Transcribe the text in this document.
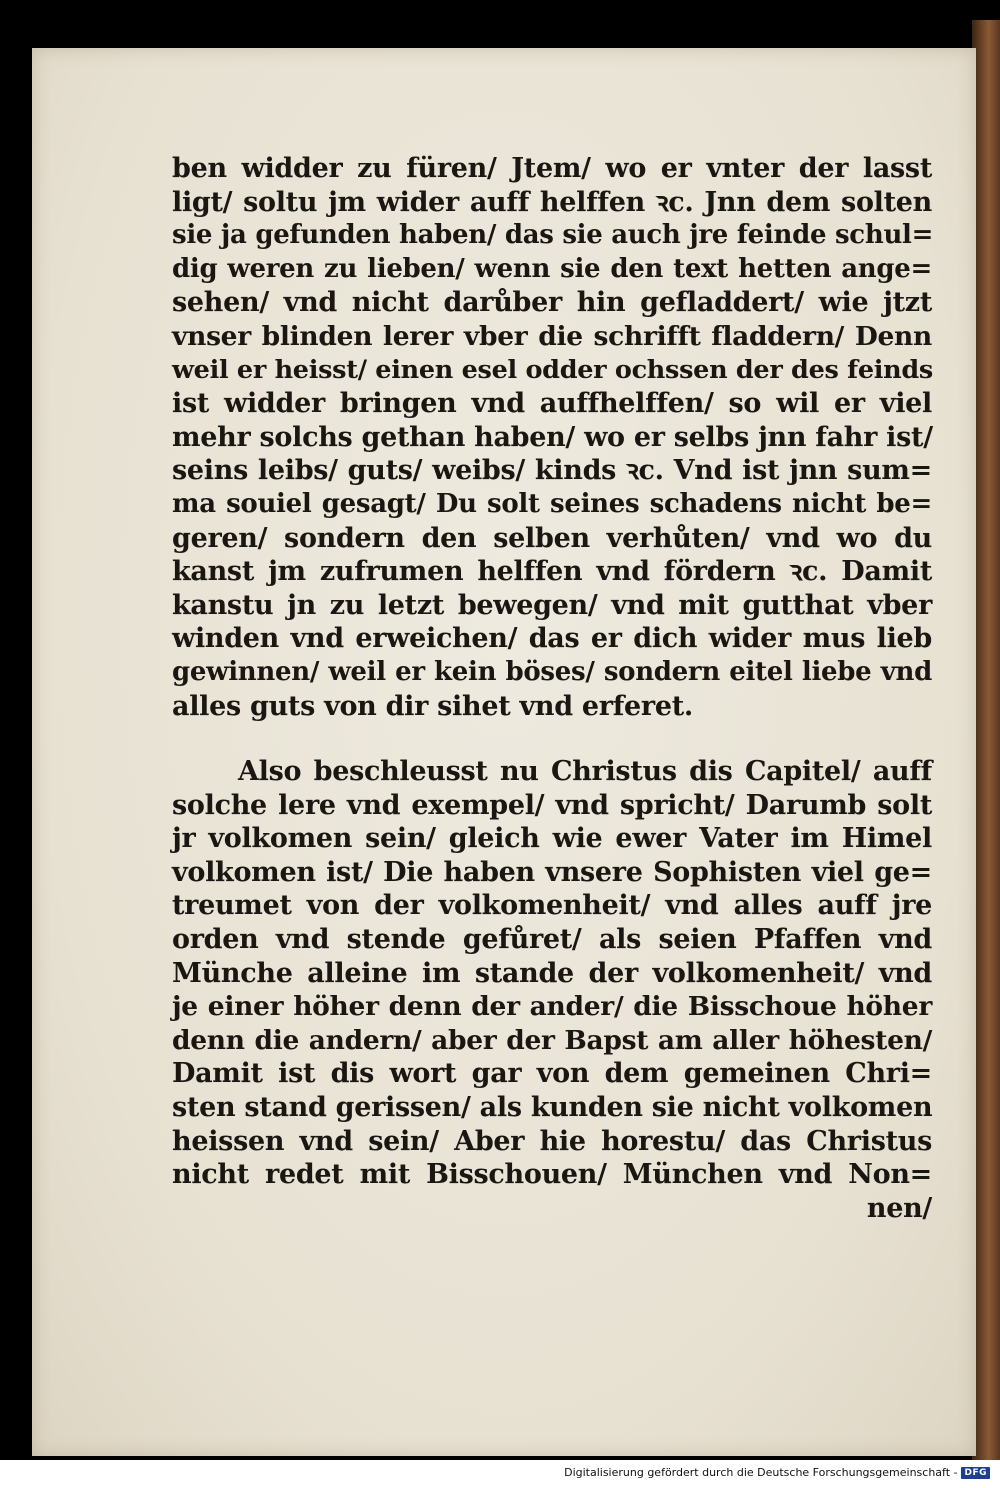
ben widder zu füren/ Jtem/ wo er vnter der lasst
ligt/ soltu jm wider auff helffen ꝛc. Jnn dem solten
sie ja gefunden haben/ das sie auch jre feinde schul=
dig weren zu lieben/ wenn sie den text hetten ange=
sehen/ vnd nicht darůber hin gefladdert/ wie jtzt
vnser blinden lerer vber die schrifft fladdern/ Denn
weil er heisst/ einen esel odder ochssen der des feinds
ist widder bringen vnd auffhelffen/ so wil er viel
mehr solchs gethan haben/ wo er selbs jnn fahr ist/
seins leibs/ guts/ weibs/ kinds ꝛc. Vnd ist jnn sum=
ma souiel gesagt/ Du solt seines schadens nicht be=
geren/ sondern den selben verhůten/ vnd wo du
kanst jm zufrumen helffen vnd fördern ꝛc. Damit
kanstu jn zu letzt bewegen/ vnd mit gutthat vber
winden vnd erweichen/ das er dich wider mus lieb
gewinnen/ weil er kein böses/ sondern eitel liebe vnd
alles guts von dir sihet vnd erferet.
Also beschleusst nu Christus dis Capitel/ auff
solche lere vnd exempel/ vnd spricht/ Darumb solt
jr volkomen sein/ gleich wie ewer Vater im Himel
volkomen ist/ Die haben vnsere Sophisten viel ge=
treumet von der volkomenheit/ vnd alles auff jre
orden vnd stende gefůret/ als seien Pfaffen vnd
Münche alleine im stande der volkomenheit/ vnd
je einer höher denn der ander/ die Bisschoue höher
denn die andern/ aber der Bapst am aller höhesten/
Damit ist dis wort gar von dem gemeinen Chri=
sten stand gerissen/ als kunden sie nicht volkomen
heissen vnd sein/ Aber hie horestu/ das Christus
nicht redet mit Bisschouen/ München vnd Non=
nen/
Digitalisierung gefördert durch die Deutsche Forschungsgemeinschaft - DFG
